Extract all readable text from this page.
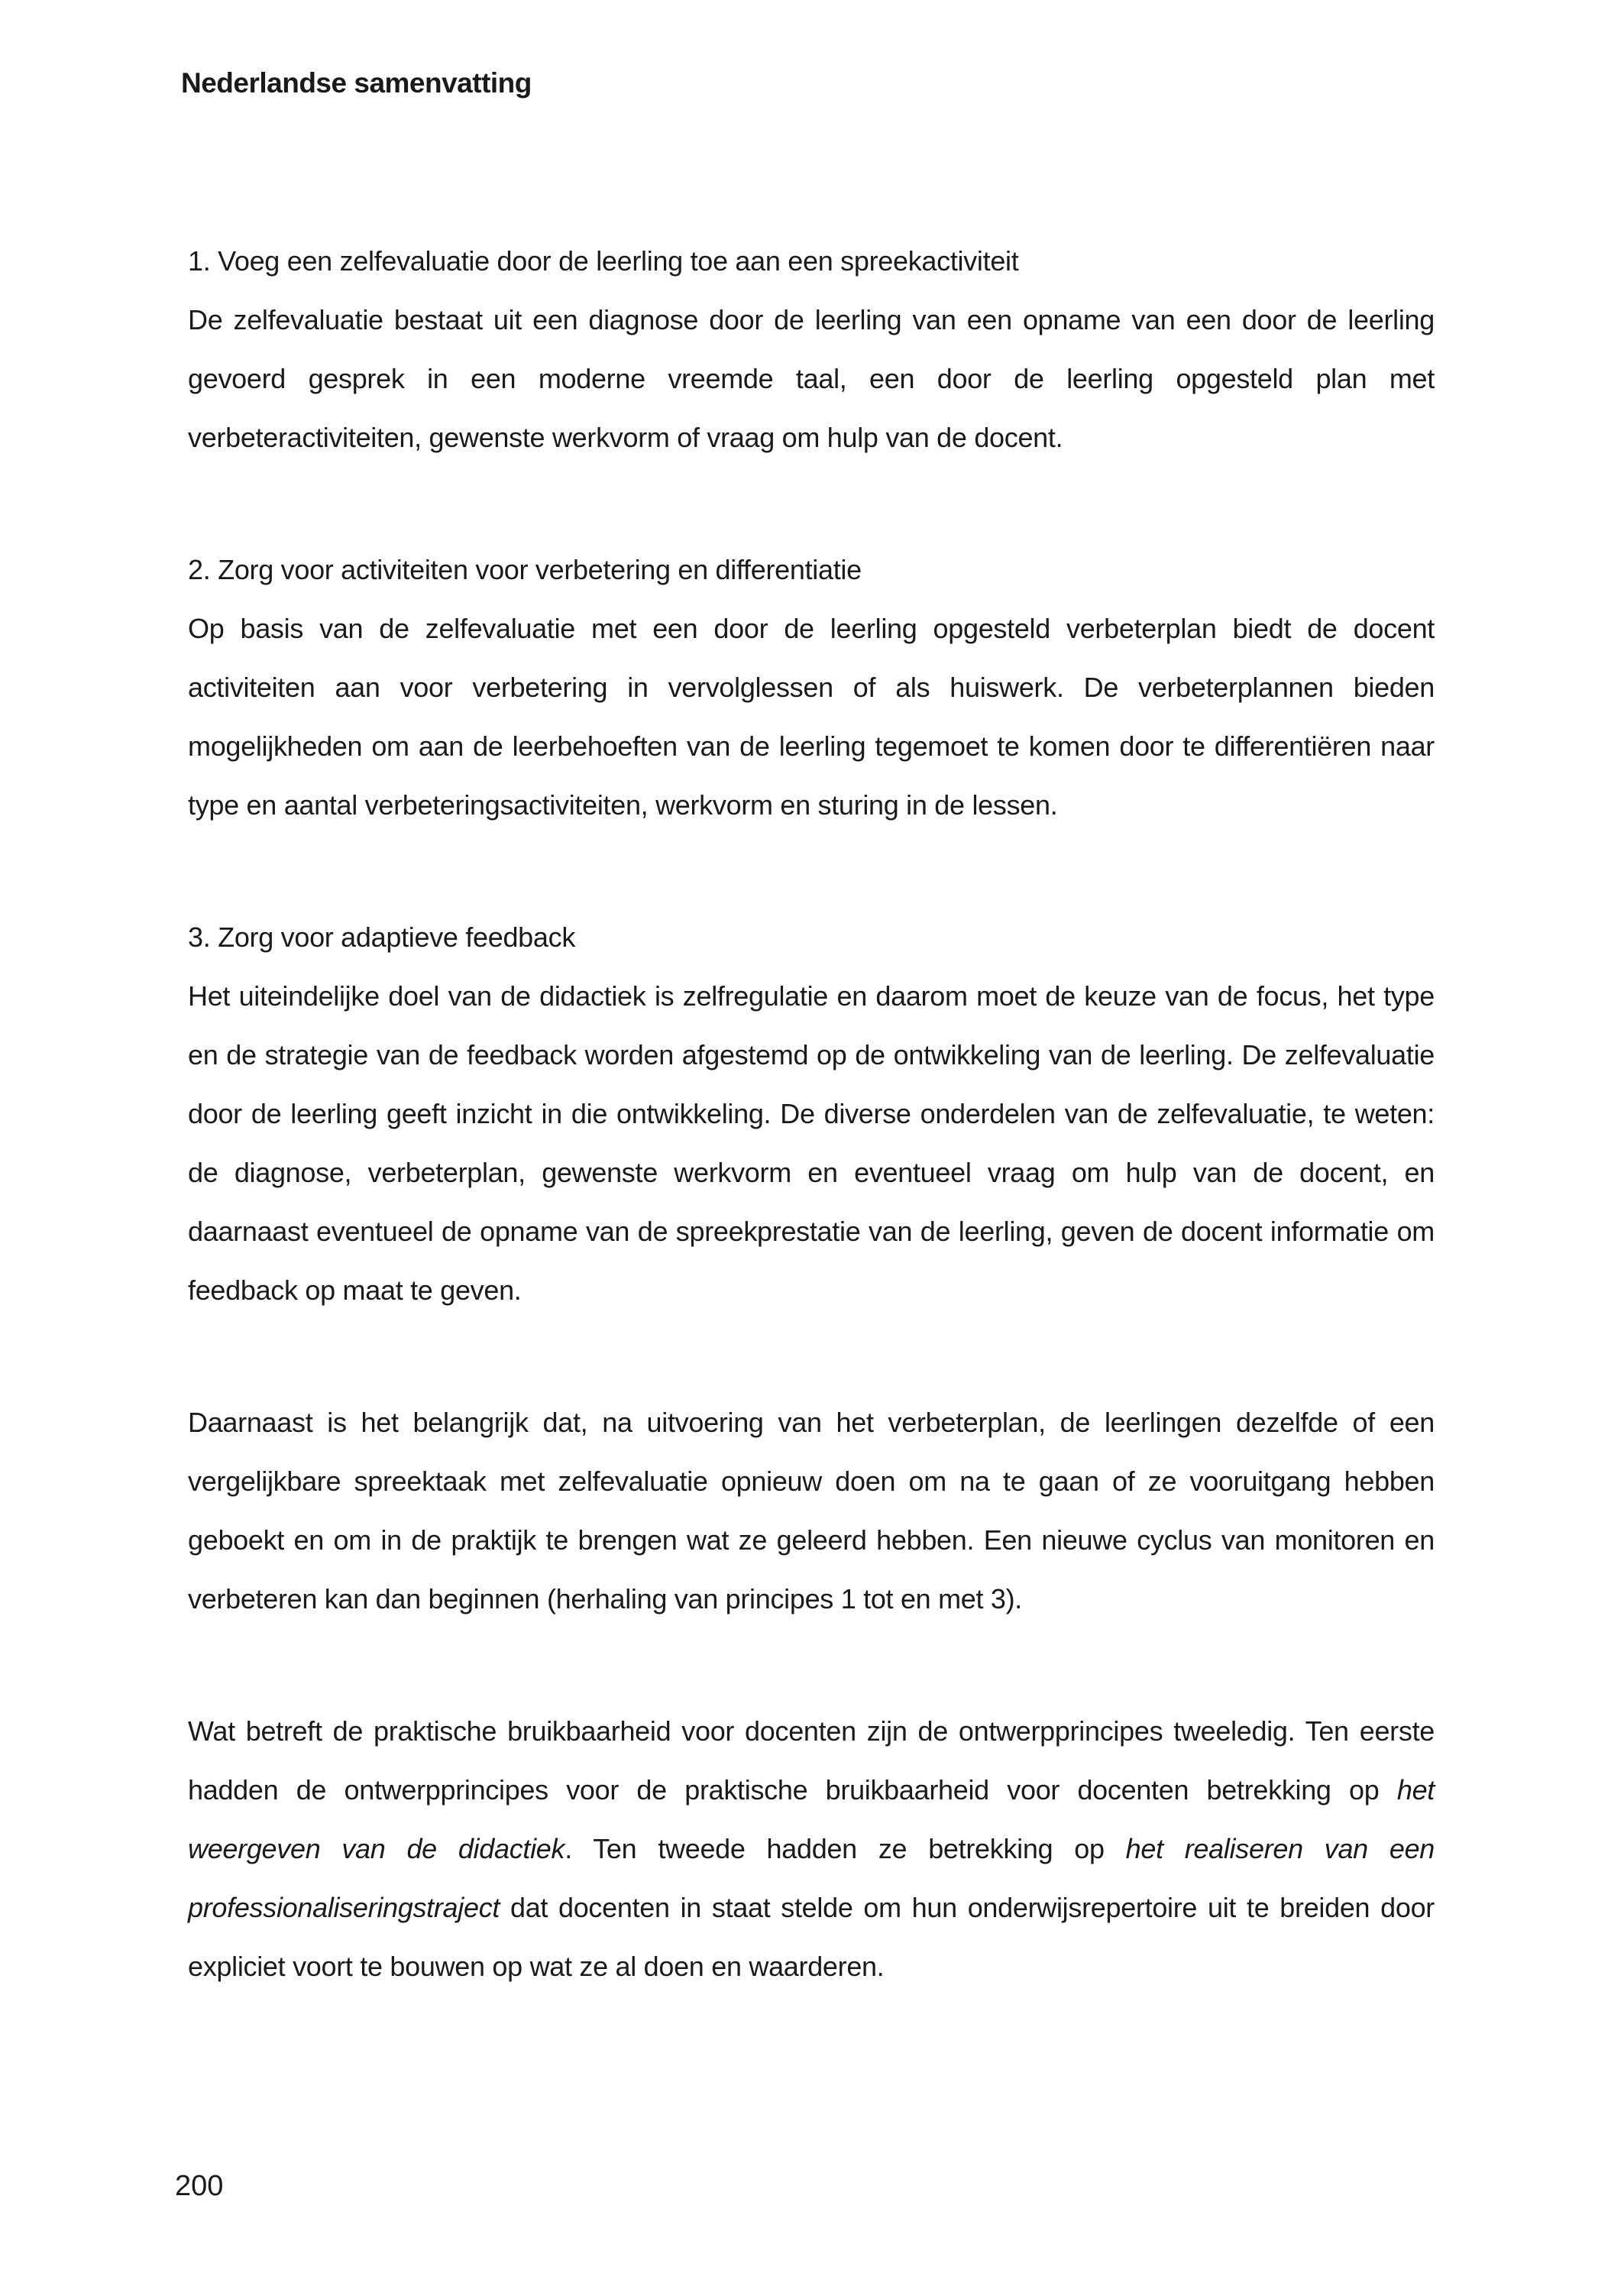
Nederlandse samenvatting
1. Voeg een zelfevaluatie door de leerling toe aan een spreekactiviteit

De zelfevaluatie bestaat uit een diagnose door de leerling van een opname van een door de leerling gevoerd gesprek in een moderne vreemde taal, een door de leerling opgesteld plan met verbeteractiviteiten, gewenste werkvorm of vraag om hulp van de docent.

2. Zorg voor activiteiten voor verbetering en differentiatie

Op basis van de zelfevaluatie met een door de leerling opgesteld verbeterplan biedt de docent activiteiten aan voor verbetering in vervolglessen of als huiswerk. De verbeterplannen bieden mogelijkheden om aan de leerbehoeften van de leerling tegemoet te komen door te differentiëren naar type en aantal verbeteringsactiviteiten, werkvorm en sturing in de lessen.

3. Zorg voor adaptieve feedback

Het uiteindelijke doel van de didactiek is zelfregulatie en daarom moet de keuze van de focus, het type en de strategie van de feedback worden afgestemd op de ontwikkeling van de leerling. De zelfevaluatie door de leerling geeft inzicht in die ontwikkeling. De diverse onderdelen van de zelfevaluatie, te weten: de diagnose, verbeterplan, gewenste werkvorm en eventueel vraag om hulp van de docent, en daarnaast eventueel de opname van de spreekprestatie van de leerling, geven de docent informatie om feedback op maat te geven.

Daarnaast is het belangrijk dat, na uitvoering van het verbeterplan, de leerlingen dezelfde of een vergelijkbare spreektaak met zelfevaluatie opnieuw doen om na te gaan of ze vooruitgang hebben geboekt en om in de praktijk te brengen wat ze geleerd hebben. Een nieuwe cyclus van monitoren en verbeteren kan dan beginnen (herhaling van principes 1 tot en met 3).

Wat betreft de praktische bruikbaarheid voor docenten zijn de ontwerpprincipes tweeledig. Ten eerste hadden de ontwerpprincipes voor de praktische bruikbaarheid voor docenten betrekking op het weergeven van de didactiek. Ten tweede hadden ze betrekking op het realiseren van een professionaliseringstraject dat docenten in staat stelde om hun onderwijsrepertoire uit te breiden door expliciet voort te bouwen op wat ze al doen en waarderen.

200
